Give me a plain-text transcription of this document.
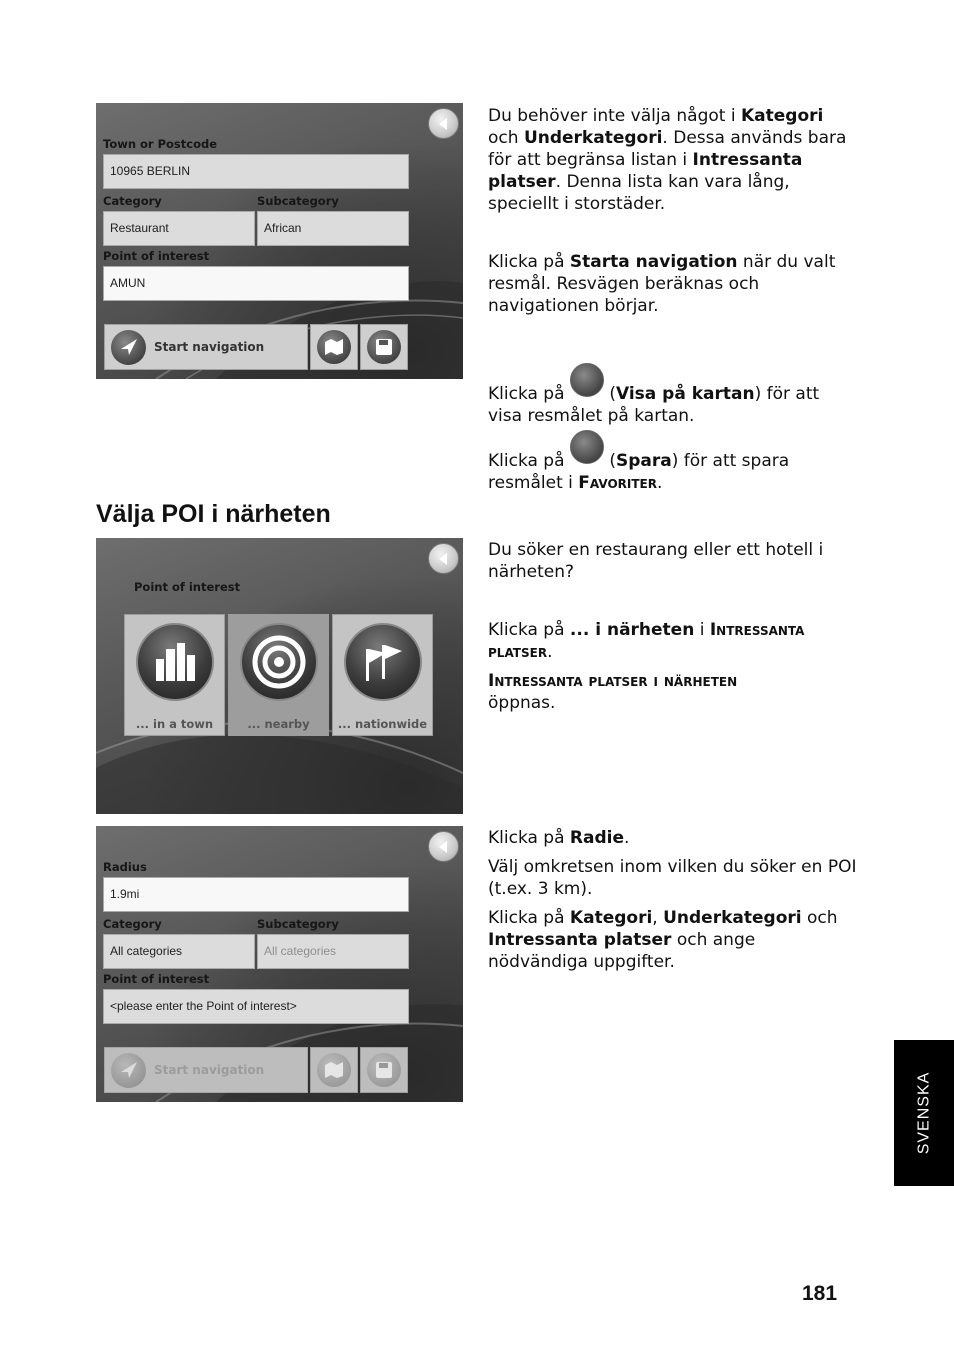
Town or Postcode
10965 BERLIN
Category	Subcategory
Restaurant	African
Point of interest
AMUN
Start navigation
Du behöver inte välja något i Kategori och Underkategori. Dessa används bara för att begränsa listan i Intressanta platser. Denna lista kan vara lång, speciellt i storstäder.
Klicka på Starta navigation när du valt resmål. Resvägen beräknas och navigationen börjar.
Klicka på  (Visa på kartan) för att visa resmålet på kartan.
Klicka på  (Spara) för att spara resmålet i Favoriter.
Välja POI i närheten
Point of interest
... in a town	... nearby ... nationwide
Du söker en restaurang eller ett hotell i närheten?
Klicka på ... i närheten i Intressanta platser.
Intressanta platser i närheten
öppnas.
Radius
1.9mi
Category	Subcategory
All categories	All categories
Point of interest
<please enter the Point of interest>
Start navigation
Klicka på Radie.
Välj omkretsen inom vilken du söker en POI (t.ex. 3 km).
Klicka på Kategori, Underkategori och Intressanta platser och ange nödvändiga uppgifter.
SVENSKA
181
